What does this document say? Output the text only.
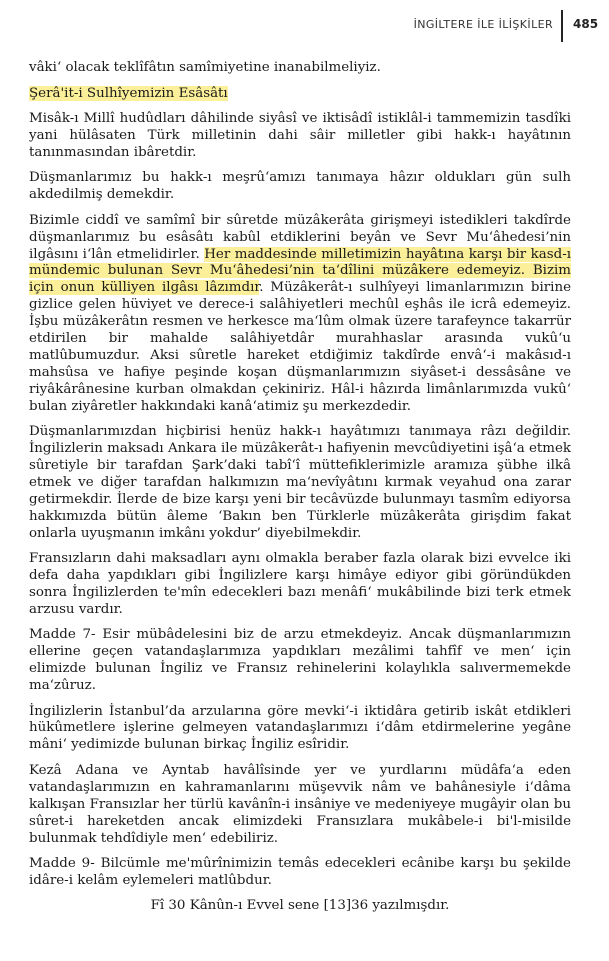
İNGİLTERE İLE İLİŞKİLER 485

vâki‘ olacak teklîfâtın samîmiyetine inanabilmeliyiz.

Şerâ'it-i Sulhîyemizin Esâsâtı

Misâk-ı Millî hudûdları dâhilinde siyâsî ve iktisâdî istiklâl-i tammemizin tasdîki yani hülâsaten Türk milletinin dahi sâir milletler gibi hakk-ı hayâtının tanınmasından ibâretdir.

Düşmanlarımız bu hakk-ı meşrû‘amızı tanımaya hâzır oldukları gün sulh akdedilmiş demekdir.

Bizimle ciddî ve samîmî bir sûretde müzâkerâta girişmeyi istedikleri takdîrde düşmanlarımız bu esâsâtı kabûl etdiklerini beyân ve Sevr Mu‘âhedesi’nin ilgâsını i‘lân etmelidirler. Her maddesinde milletimizin hayâtına karşı bir kasd-ı mündemic bulunan Sevr Mu‘âhedesi’nin ta‘dîlini müzâkere edemeyiz. Bizim için onun külliyen ilgâsı lâzımdır. Müzâkerât-ı sulhîyeyi limanlarımızın birine gizlice gelen hüviyet ve derece-i salâhiyetleri mechûl eşhâs ile icrâ edemeyiz. İşbu müzâkerâtın resmen ve herkesce ma‘lûm olmak üzere tarafeynce takarrür etdirilen bir mahalde salâhiyetdâr murahhaslar arasında vukû‘u matlûbumuzdur. Aksi sûretle hareket etdiğimiz takdîrde envâ‘-i makâsıd-ı mahsûsa ve hafiye peşinde koşan düşmanlarımızın siyâset-i dessâsâne ve riyâkârânesine kurban olmakdan çekiniriz. Hâl-i hâzırda limânlarımızda vukû‘ bulan ziyâretler hakkındaki kanâ‘atimiz şu merkezdedir.

Düşmanlarımızdan hiçbirisi henüz hakk-ı hayâtımızı tanımaya râzı değildir. İngilizlerin maksadı Ankara ile müzâkerât-ı hafiyenin mevcûdiyetini işâ‘a etmek sûretiyle bir tarafdan Şark’daki tabî‘î müttefiklerimizle aramıza şübhe ilkâ etmek ve diğer tarafdan halkımızın ma‘nevîyâtını kırmak veyahud ona zarar getirmekdir. İlerde de bize karşı yeni bir tecâvüzde bulunmayı tasmîm ediyorsa hakkımızda bütün âleme ‘Bakın ben Türklerle müzâkerâta girişdim fakat onlarla uyuşmanın imkânı yokdur’ diyebilmekdir.

Fransızların dahi maksadları aynı olmakla beraber fazla olarak bizi evvelce iki defa daha yapdıkları gibi İngilizlere karşı himâye ediyor gibi göründükden sonra İngilizlerden te'mîn edecekleri bazı menâfi‘ mukâbilinde bizi terk etmek arzusu vardır.

Madde 7- Esir mübâdelesini biz de arzu etmekdeyiz. Ancak düşmanlarımızın ellerine geçen vatandaşlarımıza yapdıkları mezâlimi tahfîf ve men‘ için elimizde bulunan İngiliz ve Fransız rehinelerini kolaylıkla salıvermemekde ma‘zûruz.

İngilizlerin İstanbul’da arzularına göre mevki‘-i iktidâra getirib iskât etdikleri hükûmetlere işlerine gelmeyen vatandaşlarımızı i‘dâm etdirmelerine yegâne mâni‘ yedimizde bulunan birkaç İngiliz esîridir.

Kezâ Adana ve Ayntab havâlîsinde yer ve yurdlarını müdâfa‘a eden vatandaşlarımızın en kahramanlarını müşevvik nâm ve bahânesiyle i‘dâma kalkışan Fransızlar her türlü kavânîn-i insâniye ve medeniyeye mugâyir olan bu sûret-i hareketden ancak elimizdeki Fransızlara mukâbele-i bi'l-misilde bulunmak tehdîdiyle men‘ edebiliriz.

Madde 9- Bilcümle me'mûrînimizin temâs edecekleri ecânibe karşı bu şekilde idâre-i kelâm eylemeleri matlûbdur.

Fî 30 Kânûn-ı Evvel sene [13]36 yazılmışdır.
